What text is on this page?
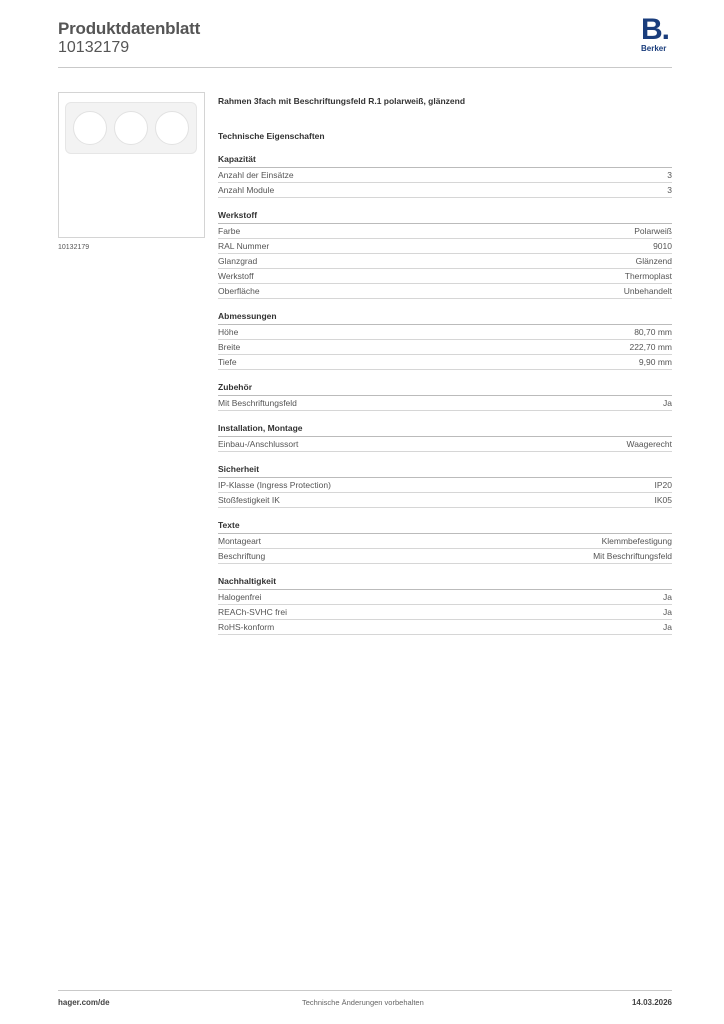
Produktdatenblatt
10132179
B.
Berker
10132179
Rahmen 3fach mit Beschriftungsfeld R.1 polarweiß, glänzend
Technische Eigenschaften
Kapazität
Anzahl der Einsätze	3
Anzahl Module	3
Werkstoff
Farbe	Polarweiß
RAL Nummer	9010
Glanzgrad	Glänzend
Werkstoff	Thermoplast
Oberfläche	Unbehandelt
Abmessungen
Höhe	80,70 mm
Breite	222,70 mm
Tiefe	9,90 mm
Zubehör
Mit Beschriftungsfeld	Ja
Installation, Montage
Einbau-/Anschlussort	Waagerecht
Sicherheit
IP-Klasse (Ingress Protection)	IP20
Stoßfestigkeit IK	IK05
Texte
Montageart	Klemmbefestigung
Beschriftung	Mit Beschriftungsfeld
Nachhaltigkeit
Halogenfrei	Ja
REACh-SVHC frei	Ja
RoHS-konform	Ja
hager.com/de	Technische Änderungen vorbehalten	14.03.2026
